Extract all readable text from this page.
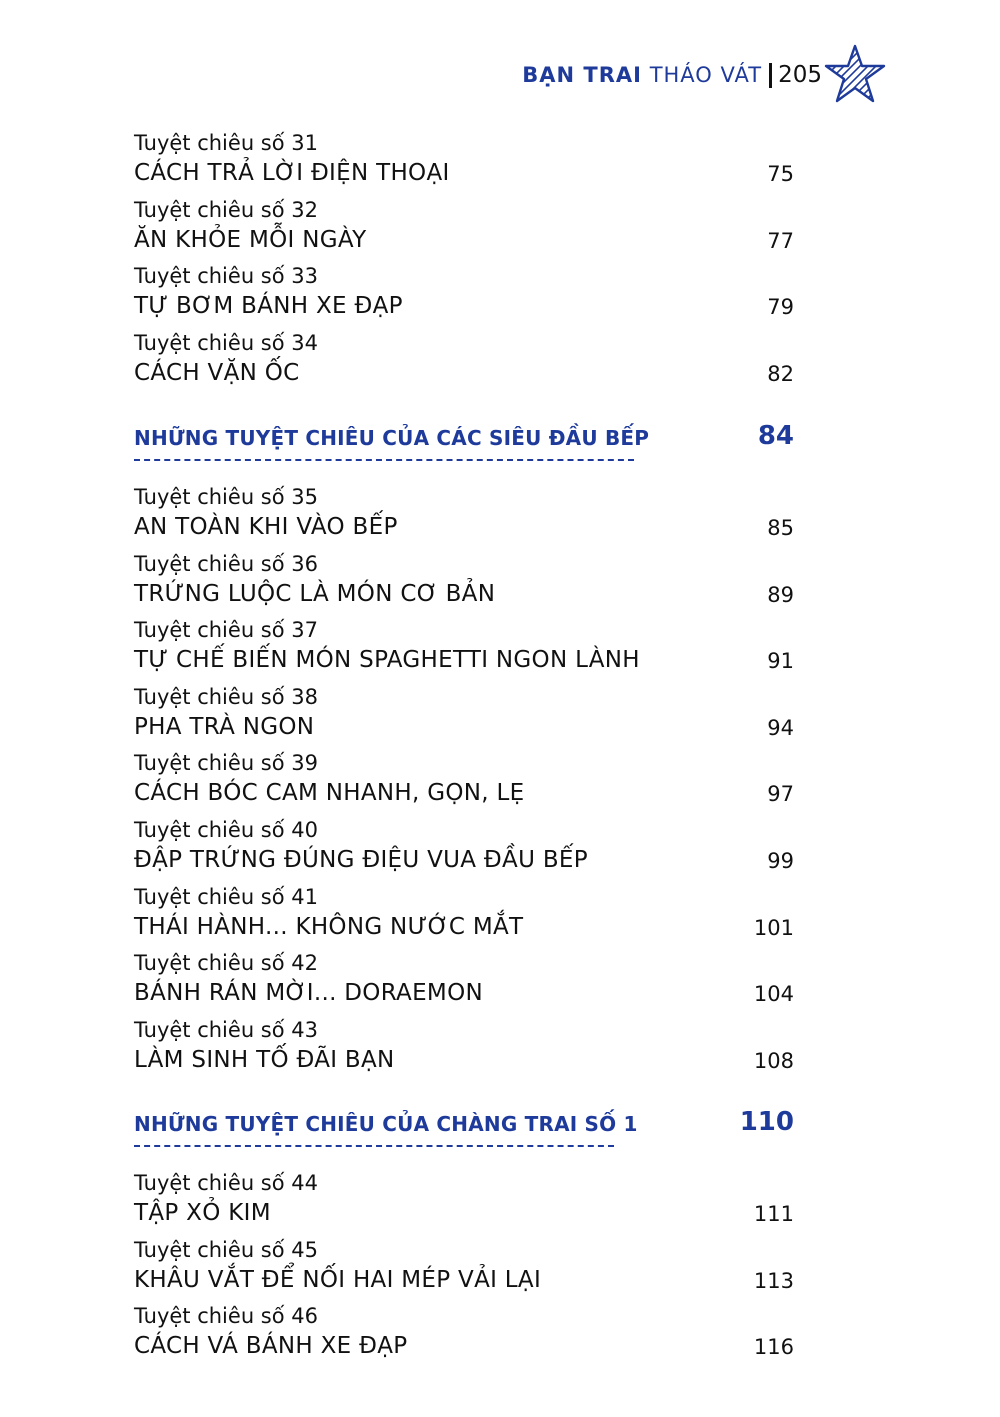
BẠN TRAI THÁO VÁT 205
Tuyệt chiêu số 31
CÁCH TRẢ LỜI ĐIỆN THOẠI	75
Tuyệt chiêu số 32
ĂN KHỎE MỖI NGÀY	77
Tuyệt chiêu số 33
TỰ BƠM BÁNH XE ĐẠP	79
Tuyệt chiêu số 34
CÁCH VẶN ỐC	82
NHỮNG TUYỆT CHIÊU CỦA CÁC SIÊU ĐẦU BẾP	84
Tuyệt chiêu số 35
AN TOÀN KHI VÀO BẾP	85
Tuyệt chiêu số 36
TRỨNG LUỘC LÀ MÓN CƠ BẢN	89
Tuyệt chiêu số 37
TỰ CHẾ BIẾN MÓN SPAGHETTI NGON LÀNH	91
Tuyệt chiêu số 38
PHA TRÀ NGON	94
Tuyệt chiêu số 39
CÁCH BÓC CAM NHANH, GỌN, LẸ	97
Tuyệt chiêu số 40
ĐẬP TRỨNG ĐÚNG ĐIỆU VUA ĐẦU BẾP	99
Tuyệt chiêu số 41
THÁI HÀNH... KHÔNG NƯỚC MẮT	101
Tuyệt chiêu số 42
BÁNH RÁN MỜI... DORAEMON	104
Tuyệt chiêu số 43
LÀM SINH TỐ ĐÃI BẠN	108
NHỮNG TUYỆT CHIÊU CỦA CHÀNG TRAI SỐ 1	110
Tuyệt chiêu số 44
TẬP XỎ KIM	111
Tuyệt chiêu số 45
KHÂU VẮT ĐỂ NỐI HAI MÉP VẢI LẠI	113
Tuyệt chiêu số 46
CÁCH VÁ BÁNH XE ĐẠP	116
